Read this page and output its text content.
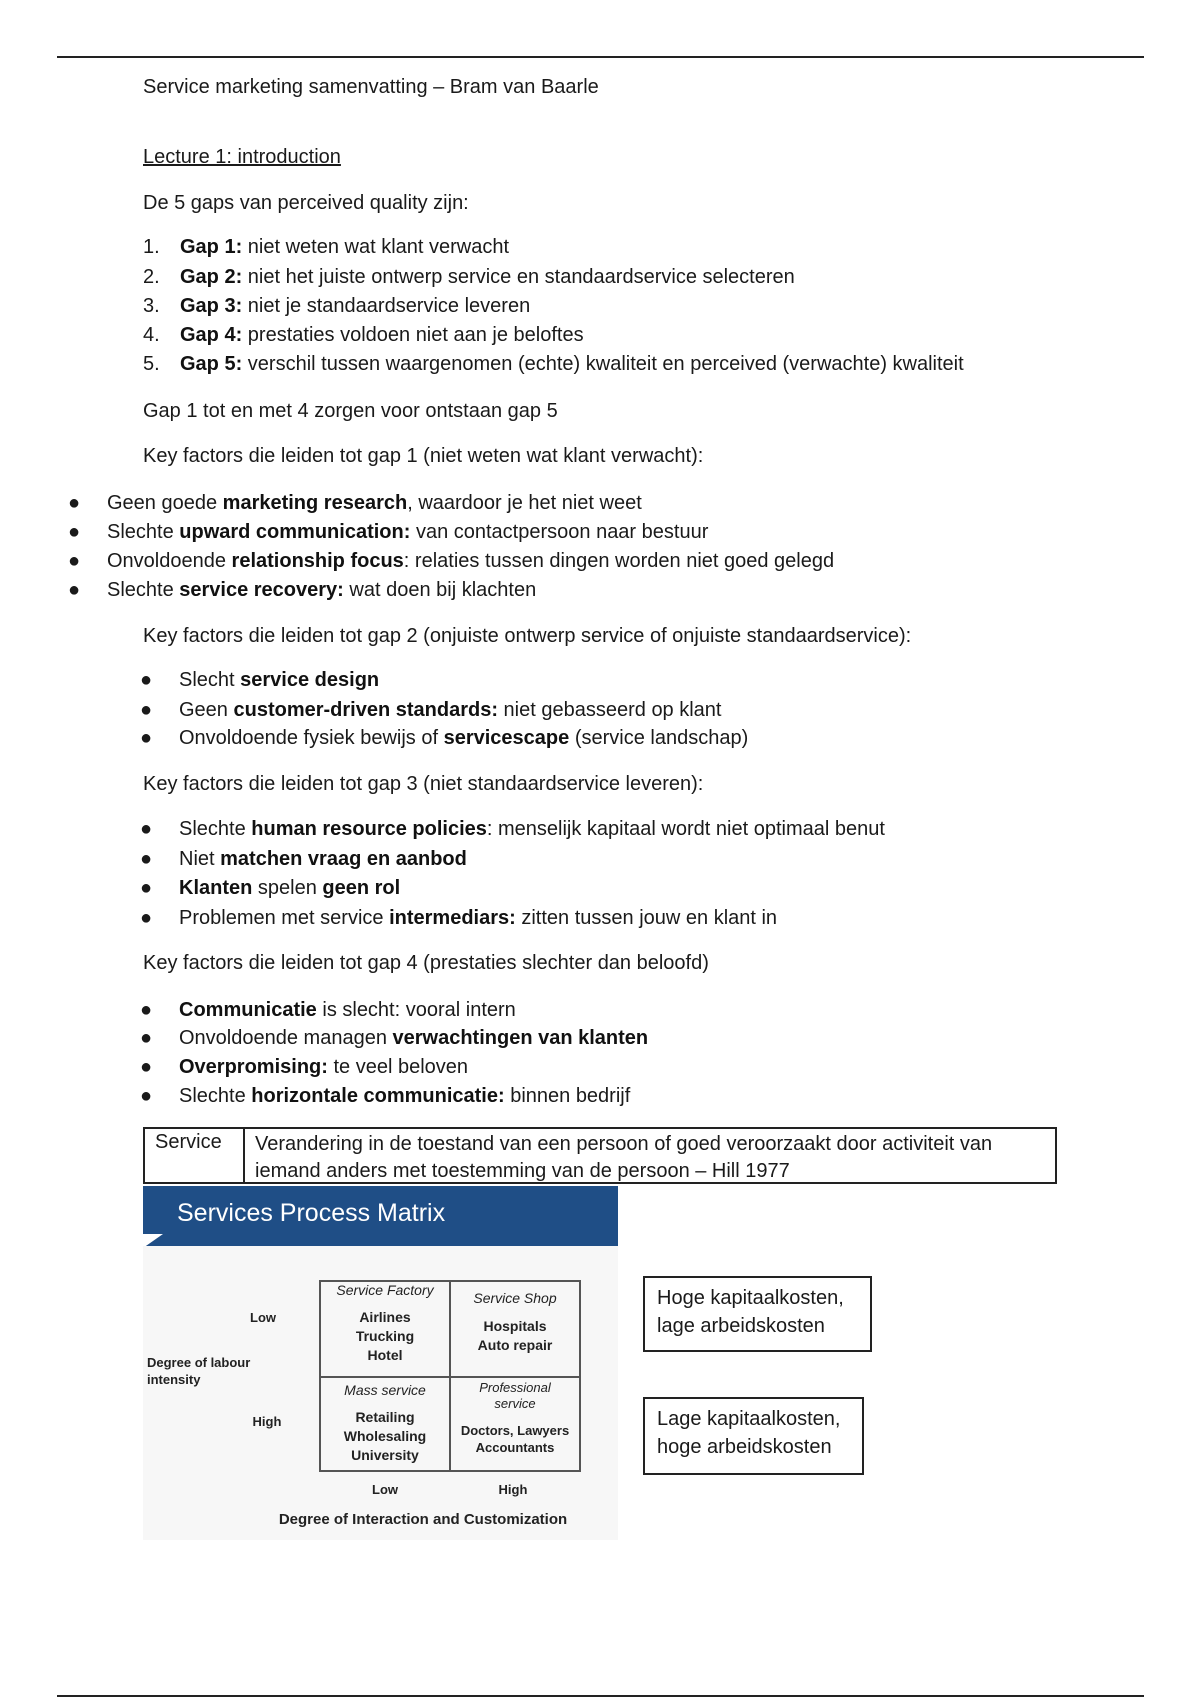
Service marketing samenvatting – Bram van Baarle
Lecture 1: introduction
De 5 gaps van perceived quality zijn:
1. Gap 1: niet weten wat klant verwacht
2. Gap 2: niet het juiste ontwerp service en standaardservice selecteren
3. Gap 3: niet je standaardservice leveren
4. Gap 4: prestaties voldoen niet aan je beloftes
5. Gap 5: verschil tussen waargenomen (echte) kwaliteit en perceived (verwachte) kwaliteit
Gap 1 tot en met 4 zorgen voor ontstaan gap 5
Key factors die leiden tot gap 1 (niet weten wat klant verwacht):
● Geen goede marketing research, waardoor je het niet weet
● Slechte upward communication: van contactpersoon naar bestuur
● Onvoldoende relationship focus: relaties tussen dingen worden niet goed gelegd
● Slechte service recovery: wat doen bij klachten
Key factors die leiden tot gap 2 (onjuiste ontwerp service of onjuiste standaardservice):
● Slecht service design
● Geen customer-driven standards: niet gebasseerd op klant
● Onvoldoende fysiek bewijs of servicescape (service landschap)
Key factors die leiden tot gap 3 (niet standaardservice leveren):
● Slechte human resource policies: menselijk kapitaal wordt niet optimaal benut
● Niet matchen vraag en aanbod
● Klanten spelen geen rol
● Problemen met service intermediars: zitten tussen jouw en klant in
Key factors die leiden tot gap 4 (prestaties slechter dan beloofd)
● Communicatie is slecht: vooral intern
● Onvoldoende managen verwachtingen van klanten
● Overpromising: te veel beloven
● Slechte horizontale communicatie: binnen bedrijf
Service Verandering in de toestand van een persoon of goed veroorzaakt door activiteit van iemand anders met toestemming van de persoon – Hill 1977
Services Process Matrix
Service Factory
Airlines
Trucking
Hotel
Service Shop
Hospitals
Auto repair
Mass service
Retailing
Wholesaling
University
Professional service
Doctors, Lawyers
Accountants
Low
High
Degree of labour intensity
Low	High
Degree of Interaction and Customization
Hoge kapitaalkosten,
lage arbeidskosten
Lage kapitaalkosten,
hoge arbeidskosten
